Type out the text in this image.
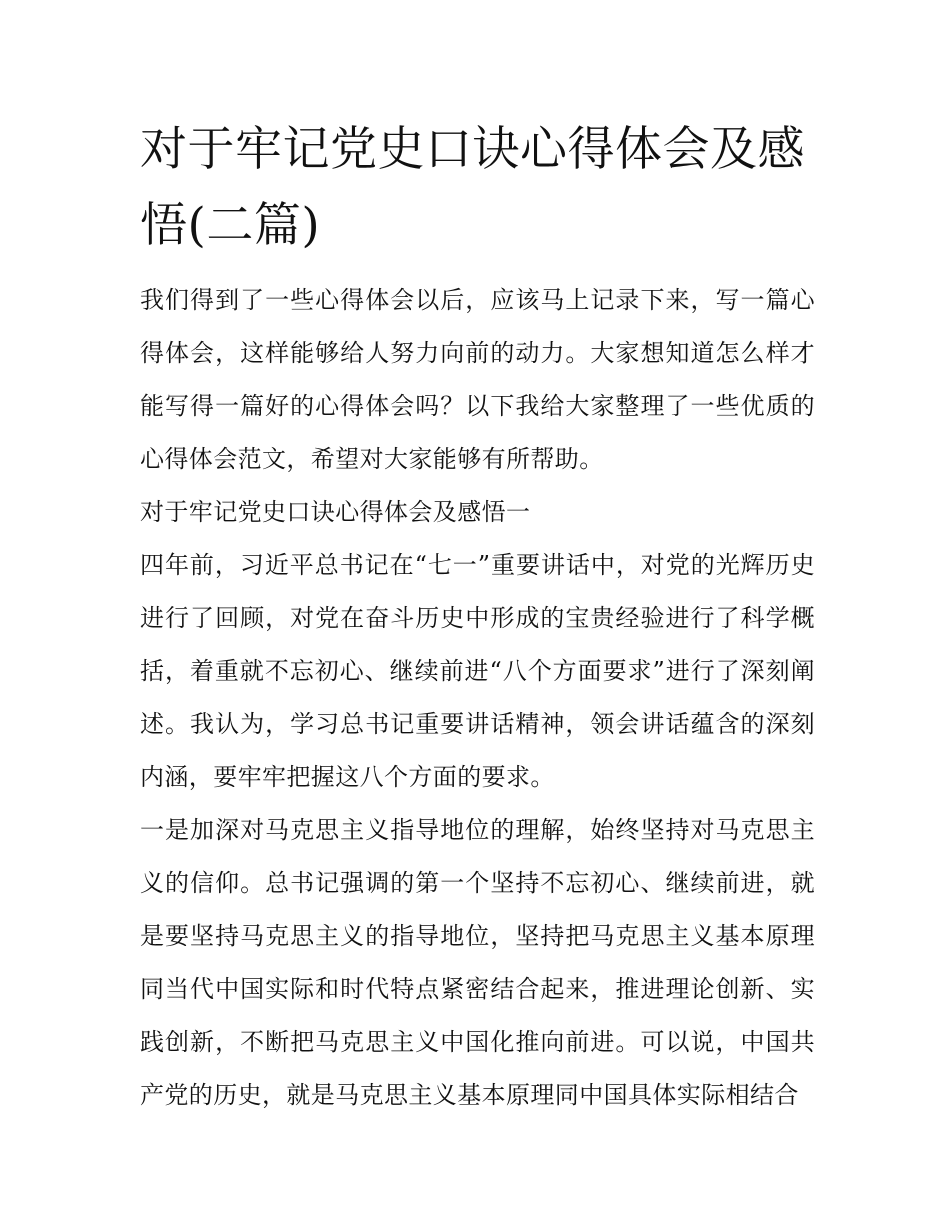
对于牢记党史口诀心得体会及感悟(二篇)

我们得到了一些心得体会以后，应该马上记录下来，写一篇心得体会，这样能够给人努力向前的动力。大家想知道怎么样才能写得一篇好的心得体会吗？以下我给大家整理了一些优质的心得体会范文，希望对大家能够有所帮助。

对于牢记党史口诀心得体会及感悟一

四年前，习近平总书记在“七一”重要讲话中，对党的光辉历史进行了回顾，对党在奋斗历史中形成的宝贵经验进行了科学概括，着重就不忘初心、继续前进“八个方面要求”进行了深刻阐述。我认为，学习总书记重要讲话精神，领会讲话蕴含的深刻内涵，要牢牢把握这八个方面的要求。

一是加深对马克思主义指导地位的理解，始终坚持对马克思主义的信仰。总书记强调的第一个坚持不忘初心、继续前进，就是要坚持马克思主义的指导地位，坚持把马克思主义基本原理同当代中国实际和时代特点紧密结合起来，推进理论创新、实践创新，不断把马克思主义中国化推向前进。可以说，中国共产党的历史，就是马克思主义基本原理同中国具体实际相结合
